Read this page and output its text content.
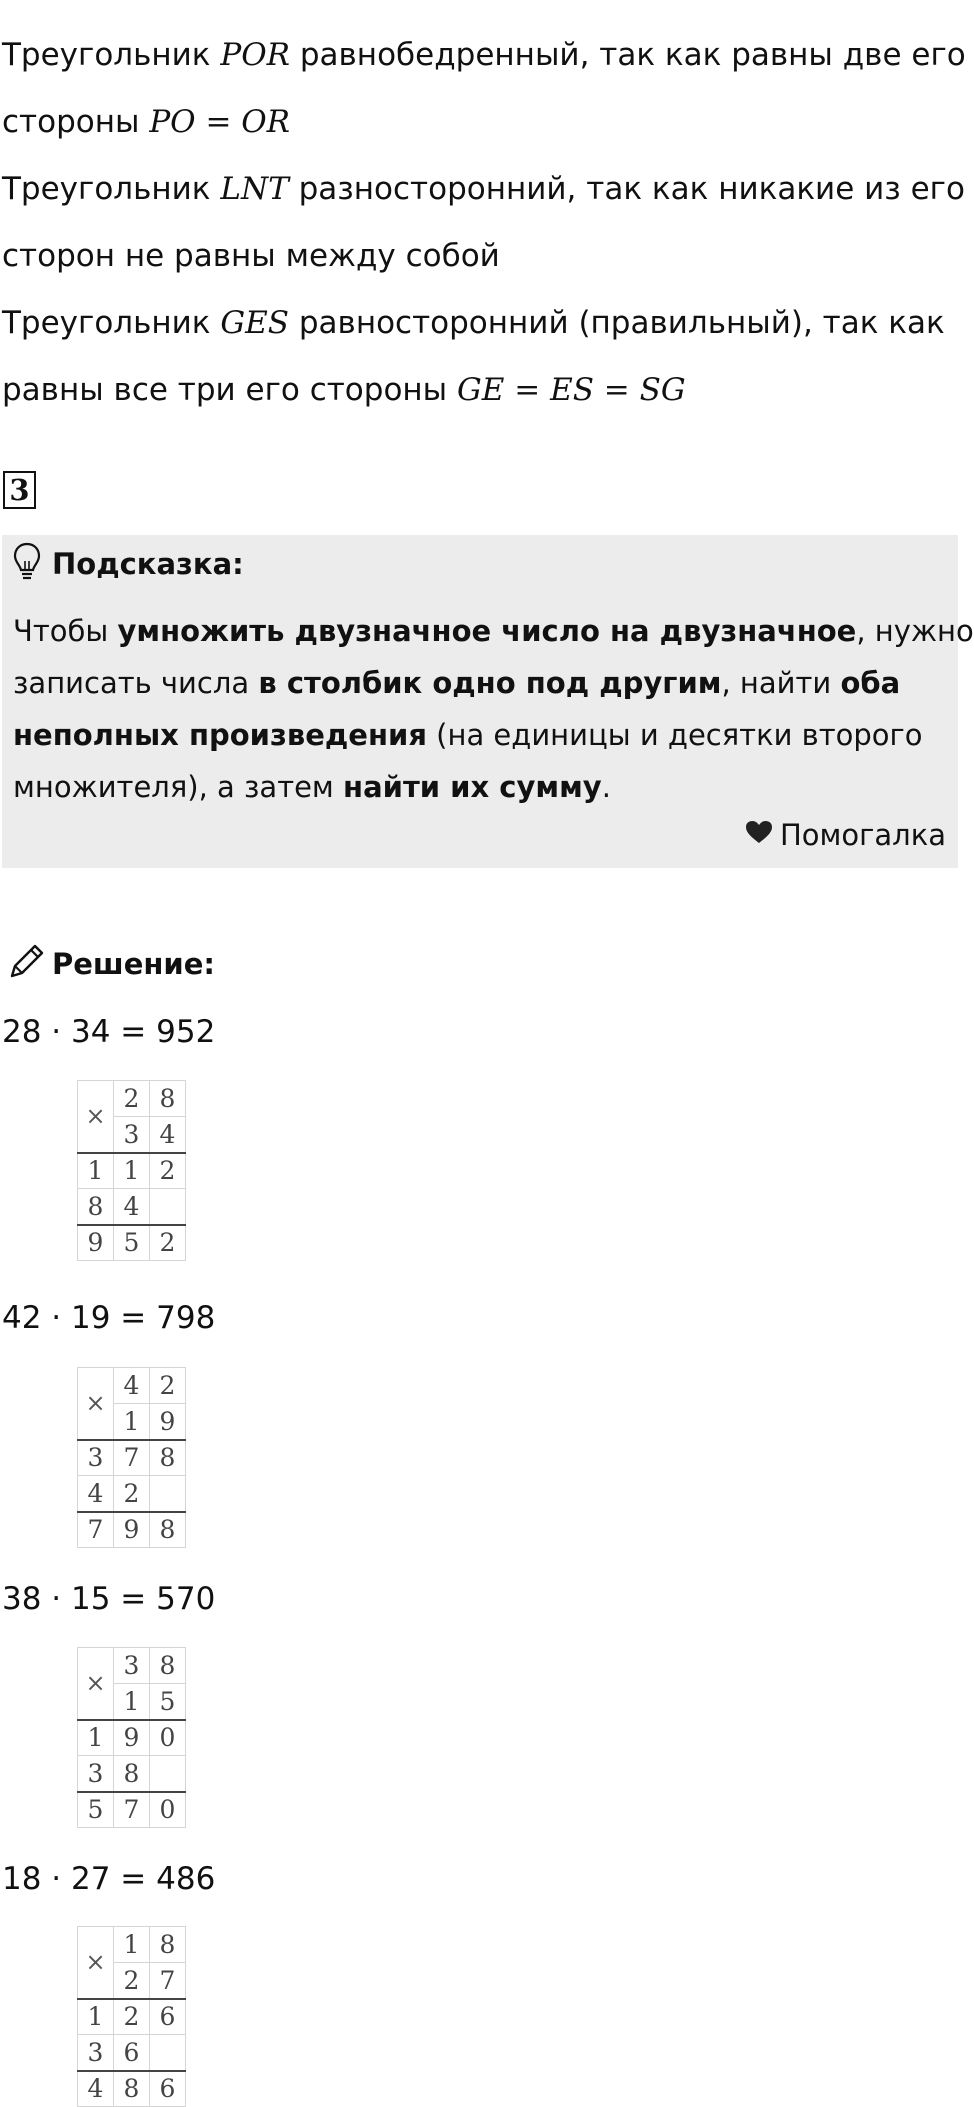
Треугольник POR равнобедренный, так как равны две его

стороны PO = OR

Треугольник LNT разносторонний, так как никакие из его

сторон не равны между собой

Треугольник GES равносторонний (правильный), так как

равны все три его стороны GE = ES = SG

3
Подсказка:

Чтобы умножить двузначное число на двузначное, нужно
записать числа в столбик одно под другим, найти оба
неполных произведения (на единицы и десятки второго
множителя), а затем найти их сумму.

Помогалка
Решение:
28 · 34 = 952
×	2	8
	3	4
1	1	2
8	4	
9	5	2
42 · 19 = 798
×	4	2
	1	9
3	7	8
4	2	
7	9	8
38 · 15 = 570
×	3	8
	1	5
1	9	0
3	8	
5	7	0
18 · 27 = 486
×	1	8
	2	7
1	2	6
3	6	
4	8	6
